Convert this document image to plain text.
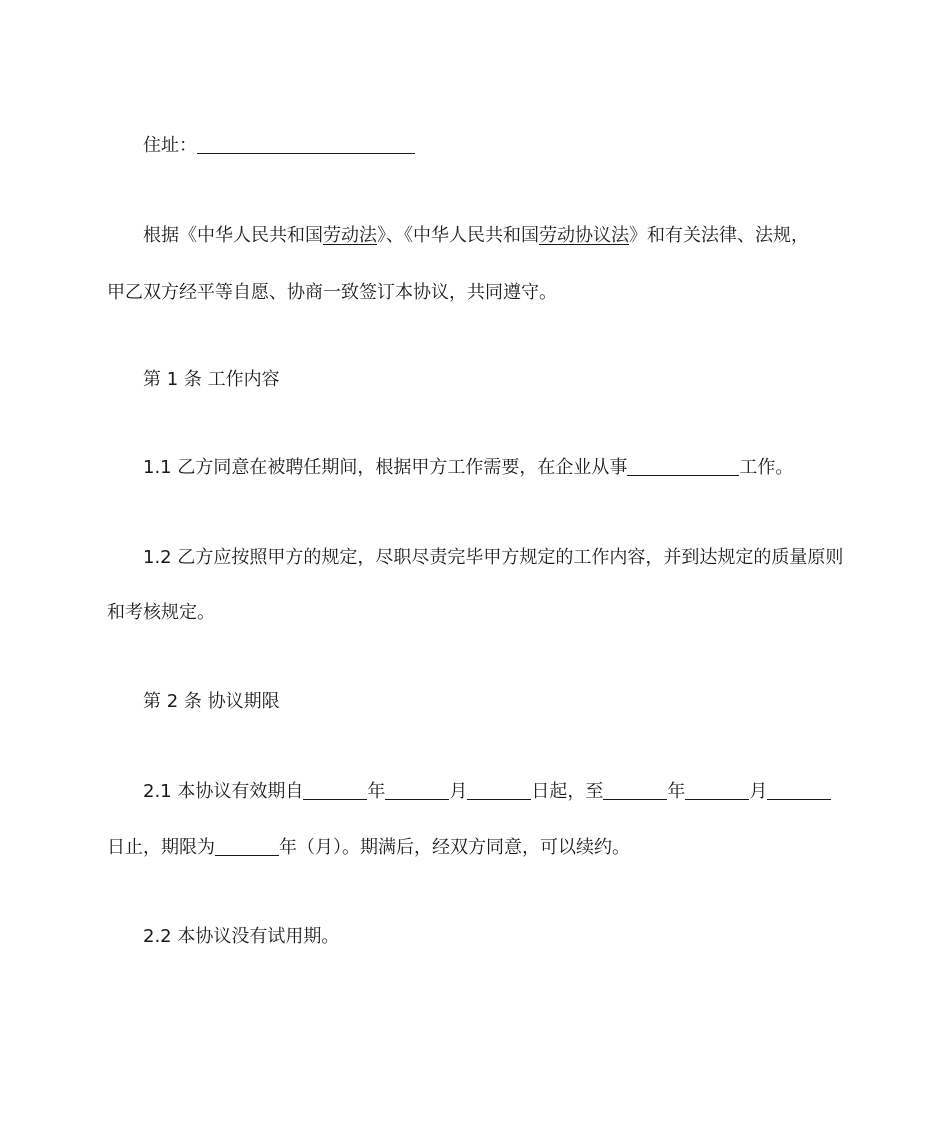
住址：
根据《中华人民共和国劳动法》、《中华人民共和国劳动协议法》和有关法律、法规，
甲乙双方经平等自愿、协商一致签订本协议，共同遵守。
第 1 条 工作内容
1.1 乙方同意在被聘任期间，根据甲方工作需要，在企业从事	工作。
1.2 乙方应按照甲方的规定，尽职尽责完毕甲方规定的工作内容，并到达规定的质量原则
和考核规定。
第 2 条 协议期限
2.1 本协议有效期自	年	月	日起，至	年	月
日止，期限为	年（月）。期满后，经双方同意，可以续约。
2.2 本协议没有试用期。
